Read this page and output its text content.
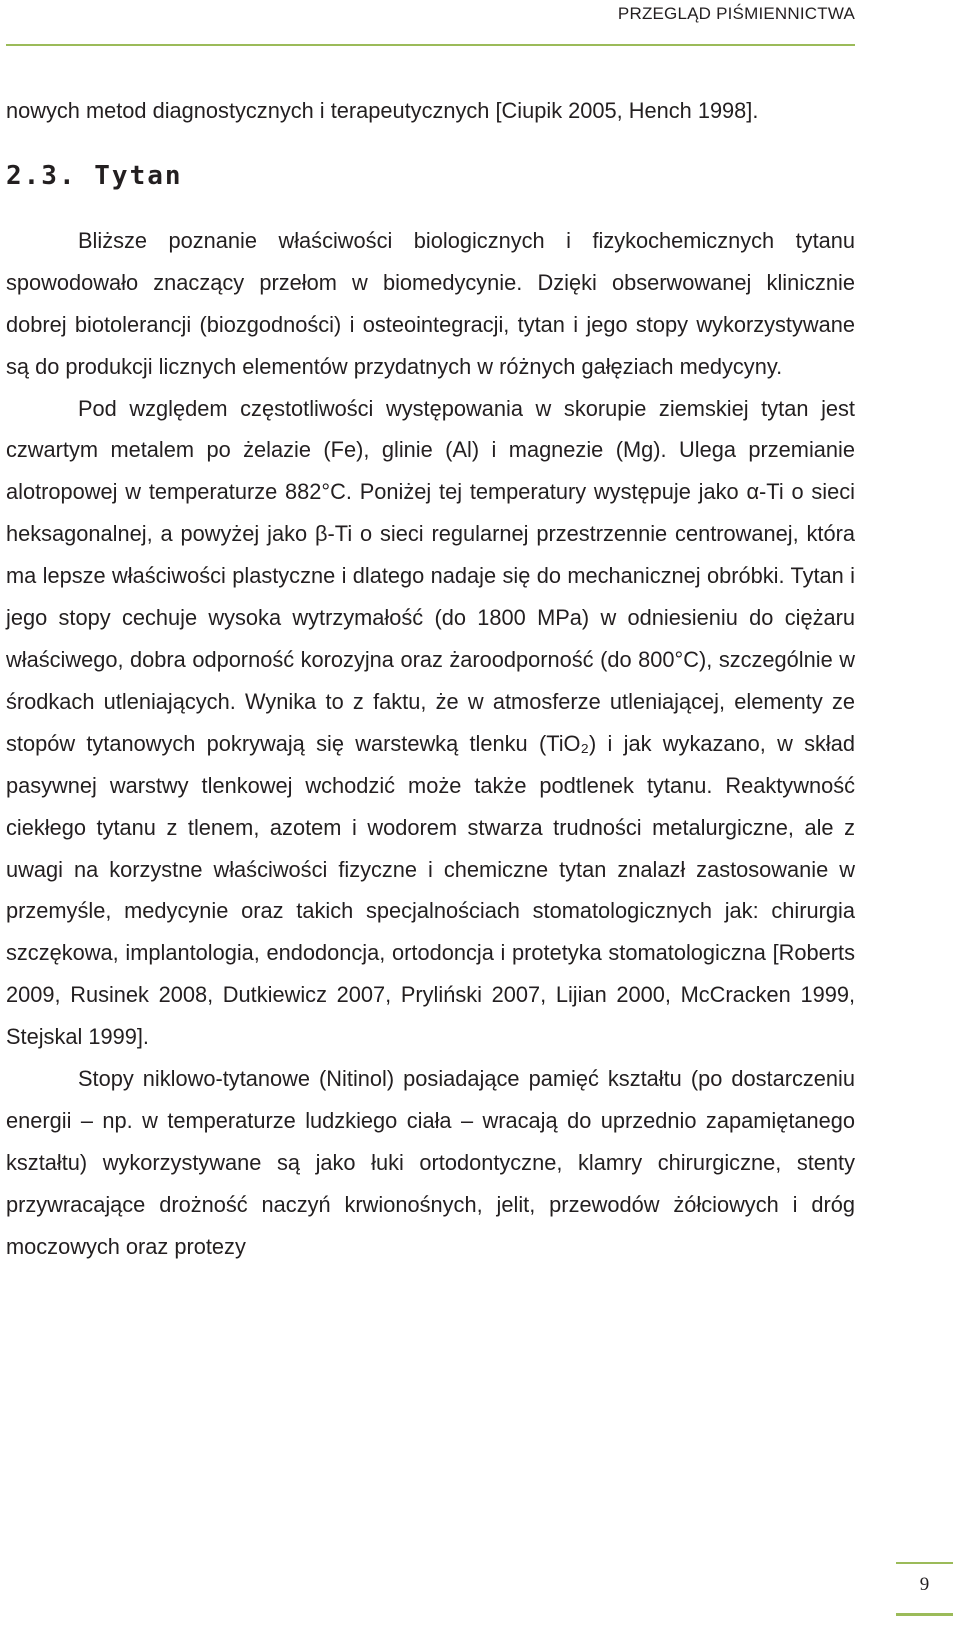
PRZEGLĄD PIŚMIENNICTWA

nowych metod diagnostycznych i terapeutycznych [Ciupik 2005, Hench 1998].

2.3. Tytan

Bliższe poznanie właściwości biologicznych i fizykochemicznych tytanu spowodowało znaczący przełom w biomedycynie. Dzięki obserwowanej klinicznie dobrej biotolerancji (biozgodności) i osteointegracji, tytan i jego stopy wykorzystywane są do produkcji licznych elementów przydatnych w różnych gałęziach medycyny.

Pod względem częstotliwości występowania w skorupie ziemskiej tytan jest czwartym metalem po żelazie (Fe), glinie (Al) i magnezie (Mg). Ulega przemianie alotropowej w temperaturze 882°C. Poniżej tej temperatury występuje jako α-Ti o sieci heksagonalnej, a powyżej jako β-Ti o sieci regularnej przestrzennie centrowanej, która ma lepsze właściwości plastyczne i dlatego nadaje się do mechanicznej obróbki. Tytan i jego stopy cechuje wysoka wytrzymałość (do 1800 MPa) w odniesieniu do ciężaru właściwego, dobra odporność korozyjna oraz żaroodporność (do 800°C), szczególnie w środkach utleniających. Wynika to z faktu, że w atmosferze utleniającej, elementy ze stopów tytanowych pokrywają się warstewką tlenku (TiO₂) i jak wykazano, w skład pasywnej warstwy tlenkowej wchodzić może także podtlenek tytanu. Reaktywność ciekłego tytanu z tlenem, azotem i wodorem stwarza trudności metalurgiczne, ale z uwagi na korzystne właściwości fizyczne i chemiczne tytan znalazł zastosowanie w przemyśle, medycynie oraz takich specjalnościach stomatologicznych jak: chirurgia szczękowa, implantologia, endodoncja, ortodoncja i protetyka stomatologiczna [Roberts 2009, Rusinek 2008, Dutkiewicz 2007, Pryliński 2007, Lijian 2000, McCracken 1999, Stejskal 1999].

Stopy niklowo-tytanowe (Nitinol) posiadające pamięć kształtu (po dostarczeniu energii – np. w temperaturze ludzkiego ciała – wracają do uprzednio zapamiętanego kształtu) wykorzystywane są jako łuki ortodontyczne, klamry chirurgiczne, stenty przywracające drożność naczyń krwionośnych, jelit, przewodów żółciowych i dróg moczowych oraz protezy

9
